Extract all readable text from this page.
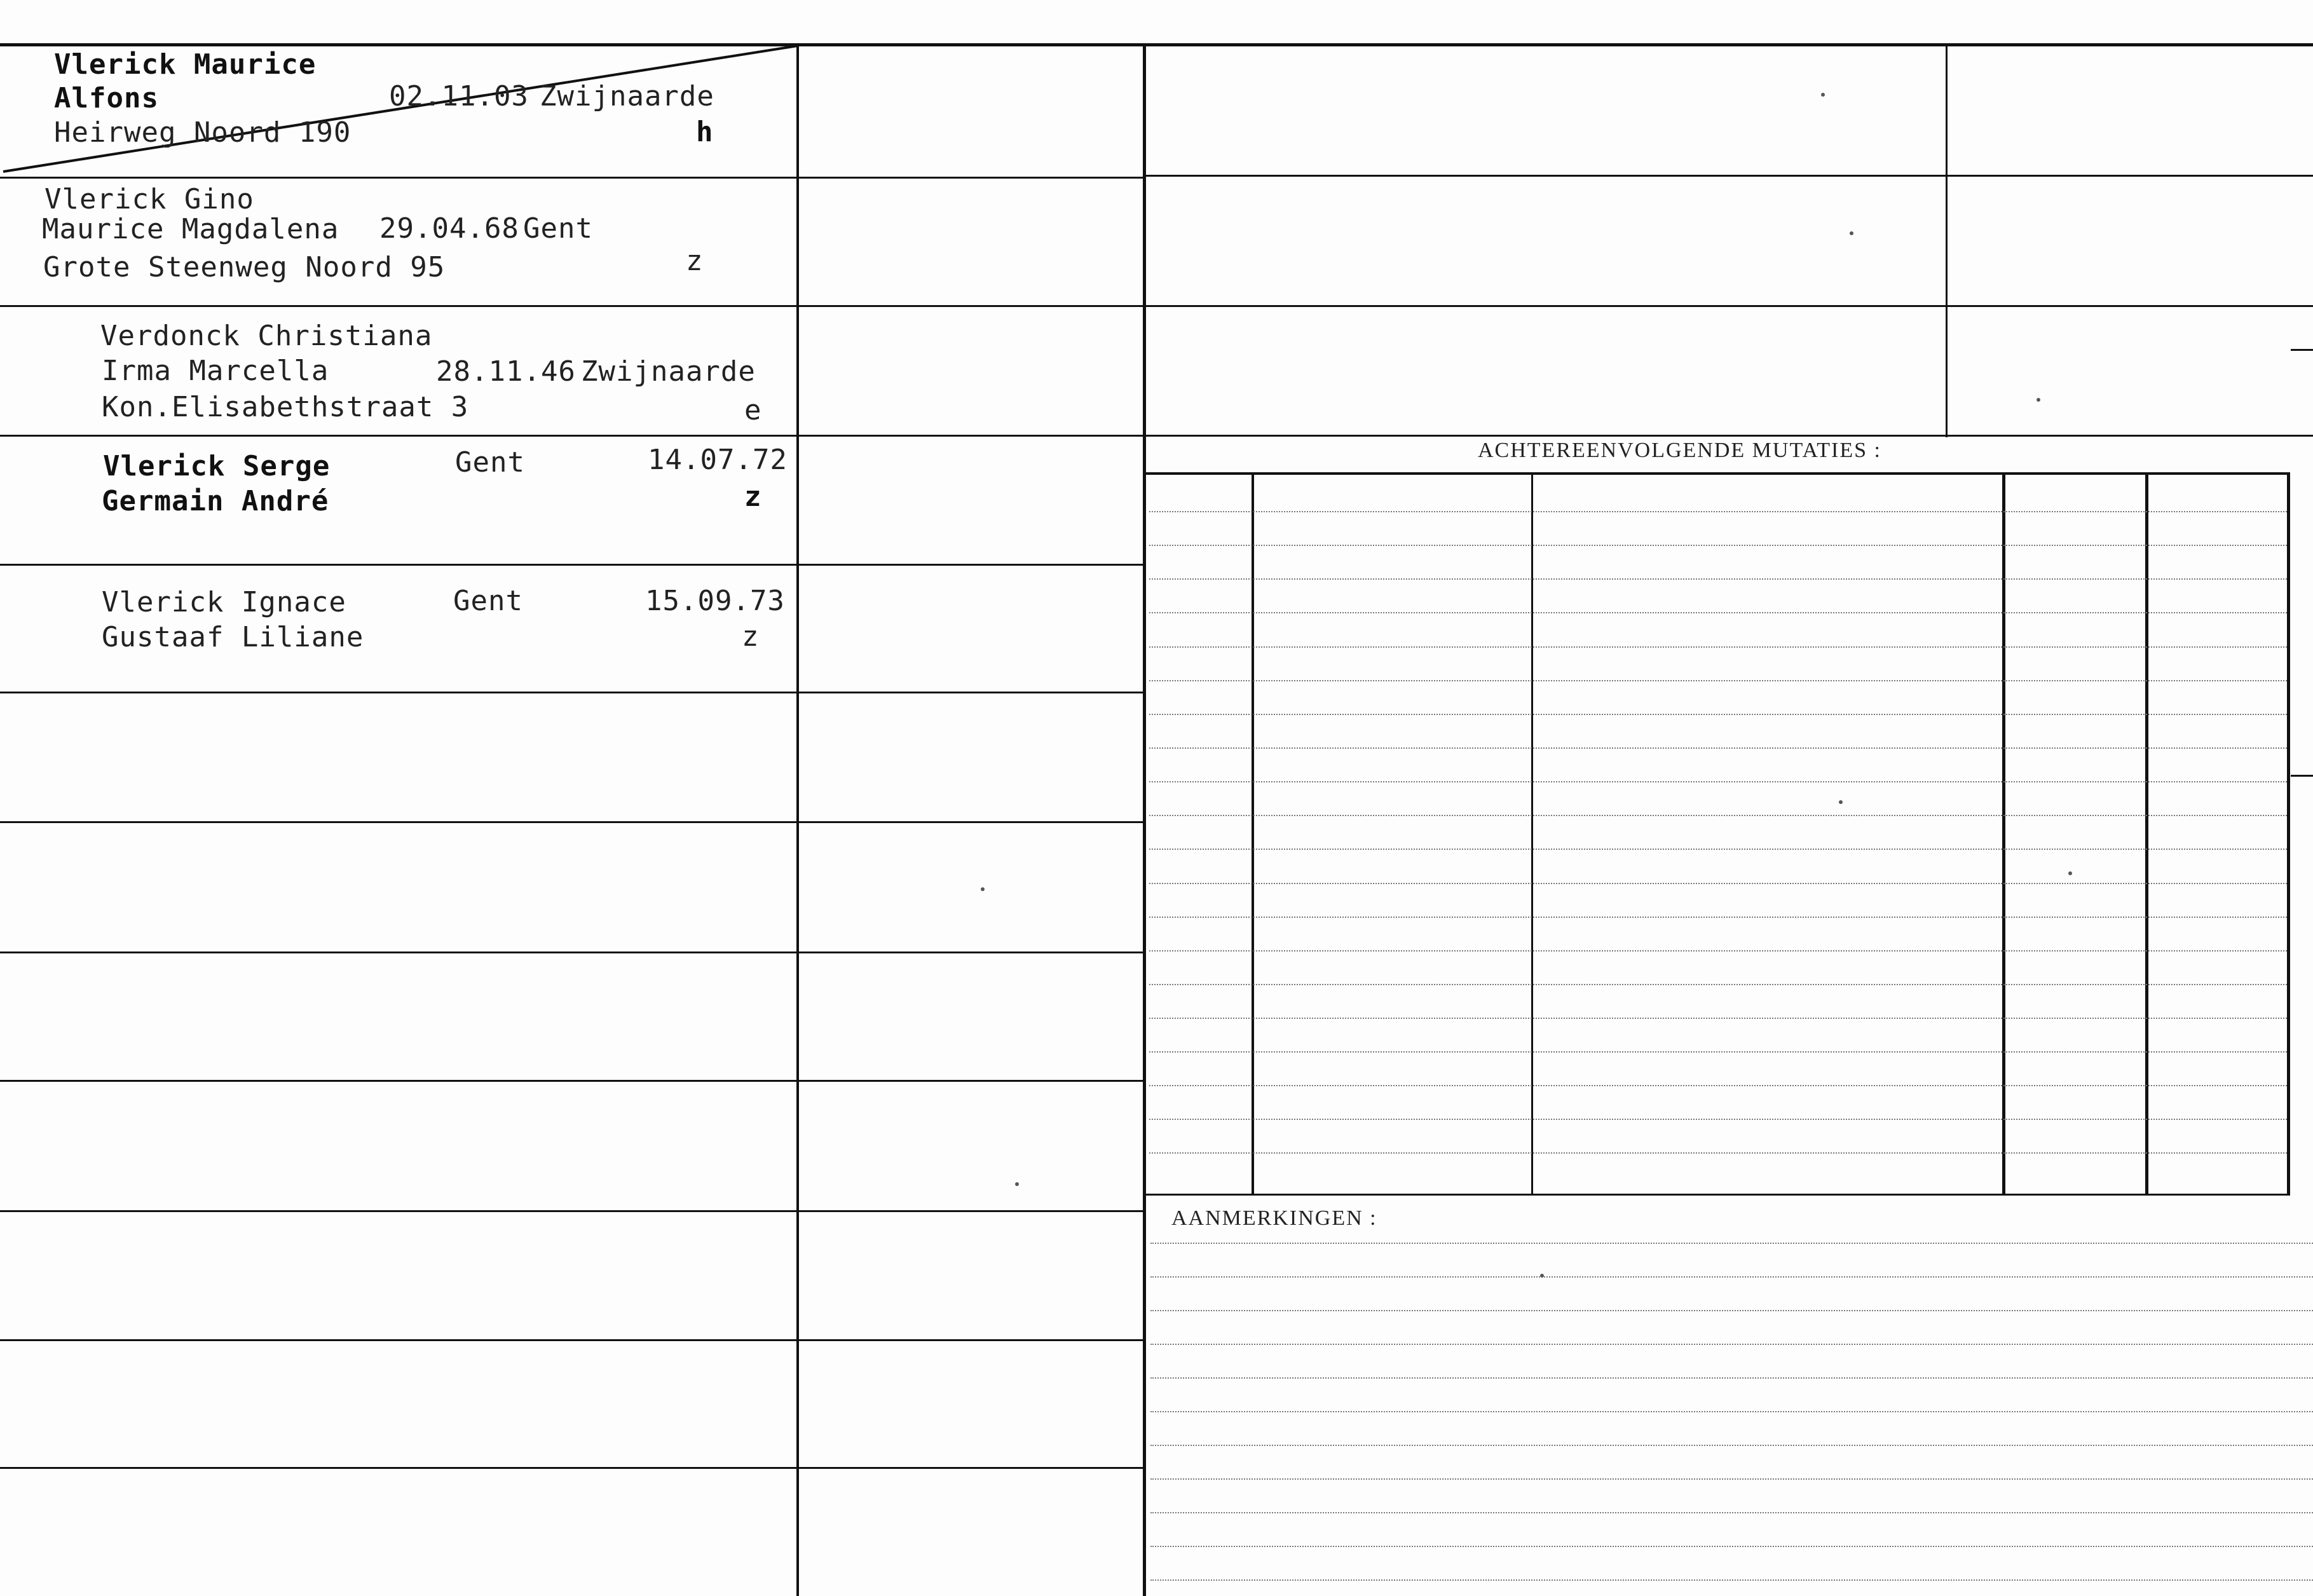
Vlerick Maurice
Alfons
Heirweg Noord 190
02.11.03 Zwijnaarde
h
Vlerick Gino
Maurice Magdalena
Grote Steenweg Noord 95
29.04.68 Gent
z
Verdonck Christiana
Irma Marcella
Kon.Elisabethstraat 3
28.11.46 Zwijnaarde
e
Vlerick Serge
Germain André
Gent	14.07.72
z
Vlerick Ignace
Gustaaf Liliane
Gent	15.09.73
z
ACHTEREENVOLGENDE MUTATIES :
AANMERKINGEN :
